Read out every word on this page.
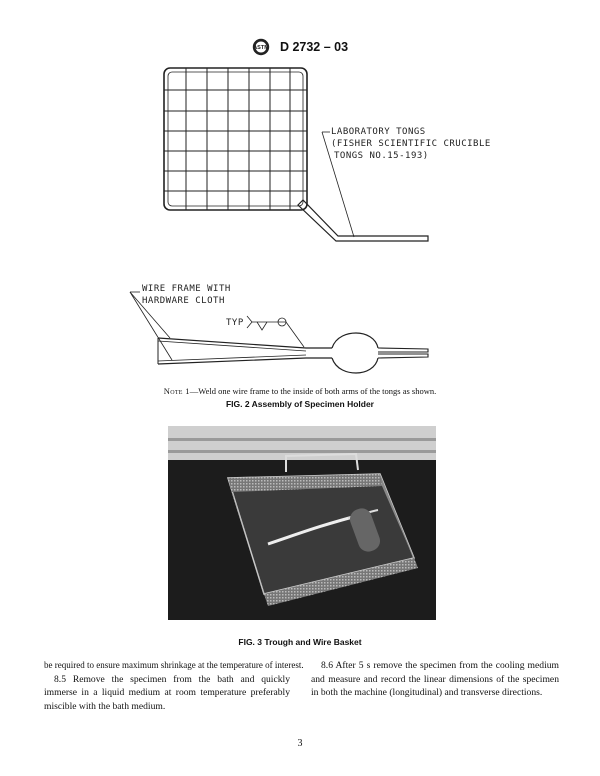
ASTM D 2732 – 03
LABORATORY TONGS
(FISHER SCIENTIFIC CRUCIBLE
TONGS NO.15-193)
WIRE FRAME WITH
HARDWARE CLOTH
TYP
Note 1—Weld one wire frame to the inside of both arms of the tongs as shown.
FIG. 2 Assembly of Specimen Holder
FIG. 3 Trough and Wire Basket

be required to ensure maximum shrinkage at the temperature of interest.

8.5 Remove the specimen from the bath and quickly immerse in a liquid medium at room temperature preferably miscible with the bath medium.

8.6 After 5 s remove the specimen from the cooling medium and measure and record the linear dimensions of the specimen in both the machine (longitudinal) and transverse directions.

3
